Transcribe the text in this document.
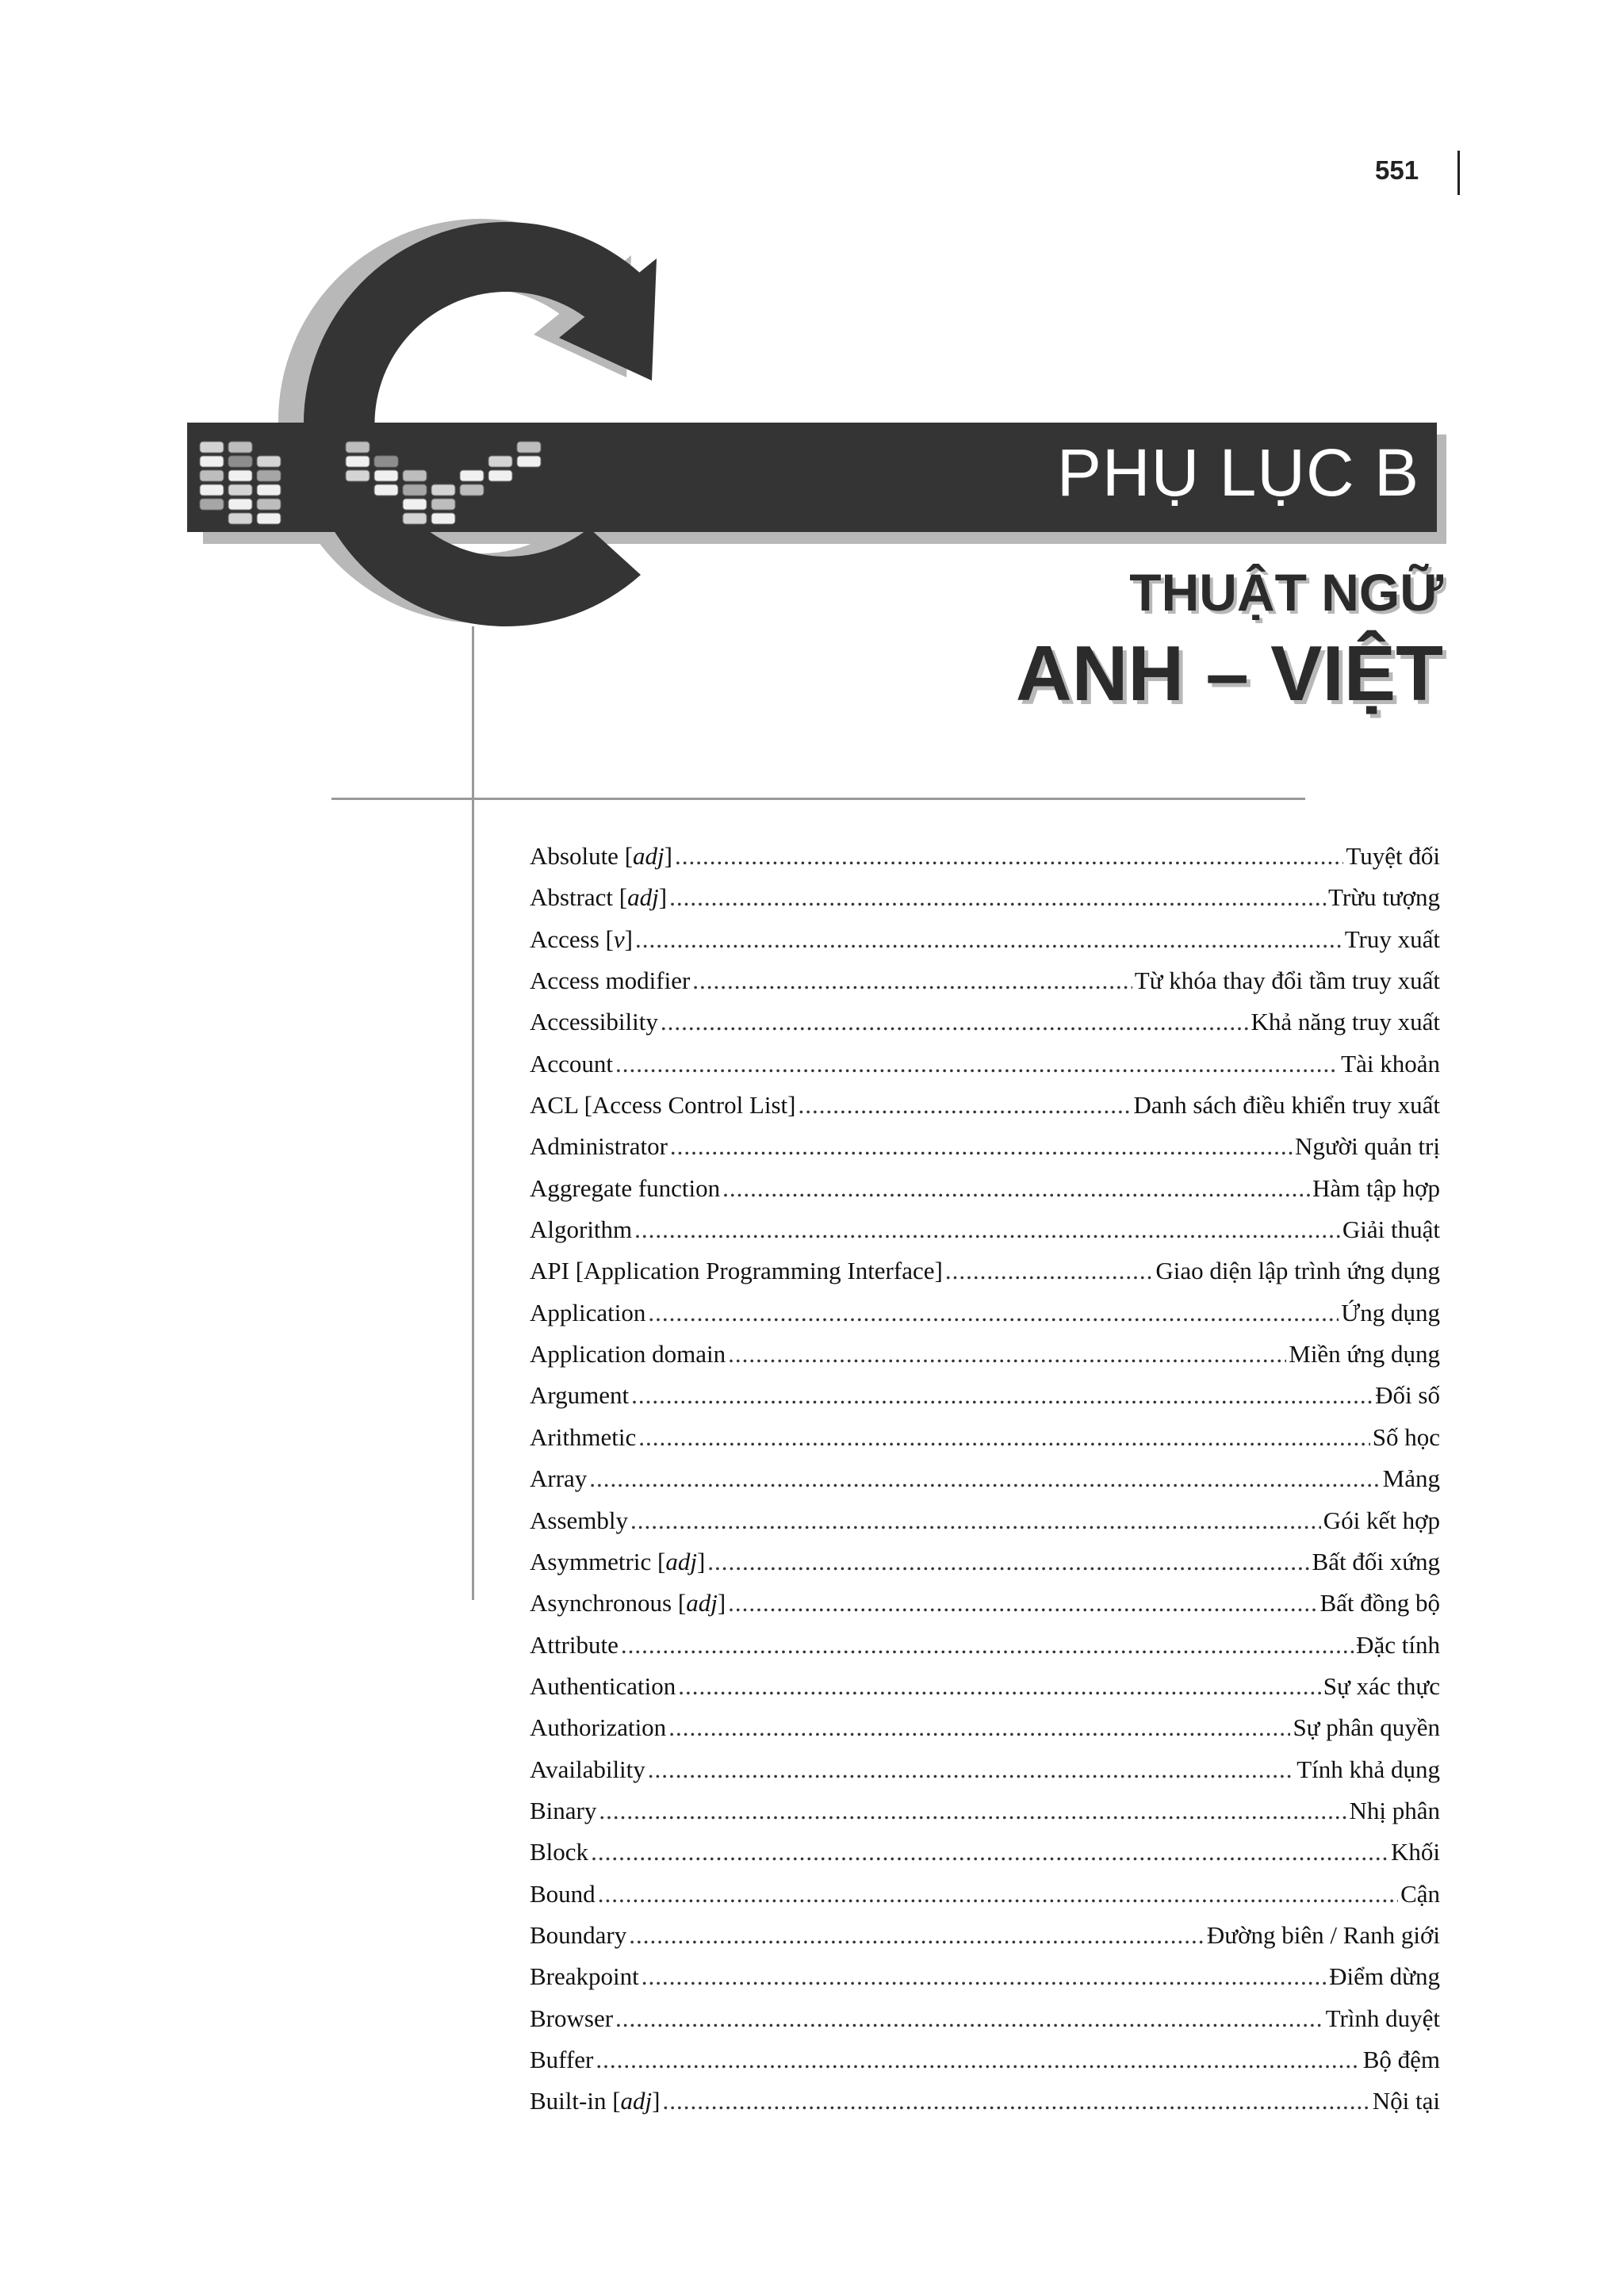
551
PHỤ LỤC B
THUẬT NGỮ
ANH – VIỆT
Absolute [adj] .....	Tuyệt đối
Abstract [adj] .....	Trừu tượng
Access [v] .....	Truy xuất
Access modifier .....	Từ khóa thay đổi tầm truy xuất
Accessibility .....	Khả năng truy xuất
Account .....	Tài khoản
ACL [Access Control List] .....	Danh sách điều khiển truy xuất
Administrator .....	Người quản trị
Aggregate function .....	Hàm tập hợp
Algorithm .....	Giải thuật
API [Application Programming Interface] .....	Giao diện lập trình ứng dụng
Application .....	Ứng dụng
Application domain .....	Miền ứng dụng
Argument .....	Đối số
Arithmetic .....	Số học
Array .....	Mảng
Assembly .....	Gói kết hợp
Asymmetric [adj] .....	Bất đối xứng
Asynchronous [adj] .....	Bất đồng bộ
Attribute .....	Đặc tính
Authentication .....	Sự xác thực
Authorization .....	Sự phân quyền
Availability .....	Tính khả dụng
Binary .....	Nhị phân
Block .....	Khối
Bound .....	Cận
Boundary .....	Đường biên / Ranh giới
Breakpoint .....	Điểm dừng
Browser .....	Trình duyệt
Buffer .....	Bộ đệm
Built-in [adj] .....	Nội tại
